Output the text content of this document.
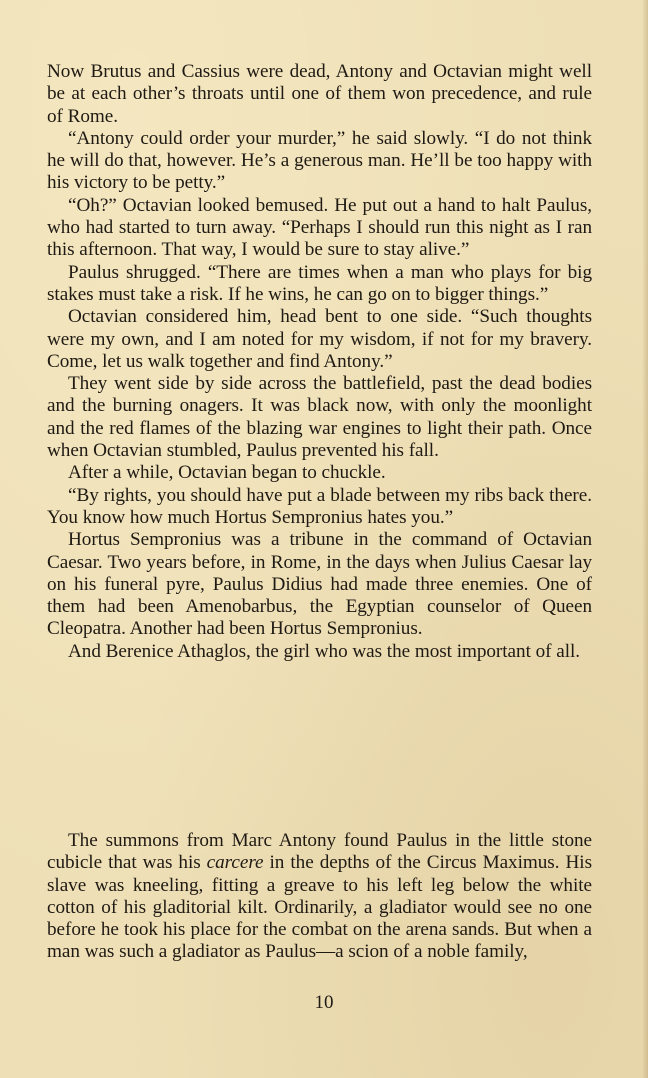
Now Brutus and Cassius were dead, Antony and Octavian might well be at each other’s throats until one of them won precedence, and rule of Rome.

“Antony could order your murder,” he said slowly. “I do not think he will do that, however. He’s a generous man. He’ll be too happy with his victory to be petty.”

“Oh?” Octavian looked bemused. He put out a hand to halt Paulus, who had started to turn away. “Perhaps I should run this night as I ran this afternoon. That way, I would be sure to stay alive.”

Paulus shrugged. “There are times when a man who plays for big stakes must take a risk. If he wins, he can go on to bigger things.”

Octavian considered him, head bent to one side. “Such thoughts were my own, and I am noted for my wisdom, if not for my bravery. Come, let us walk together and find Antony.”

They went side by side across the battlefield, past the dead bodies and the burning onagers. It was black now, with only the moonlight and the red flames of the blazing war engines to light their path. Once when Octavian stumbled, Paulus prevented his fall.

After a while, Octavian began to chuckle.

“By rights, you should have put a blade between my ribs back there. You know how much Hortus Sempronius hates you.”

Hortus Sempronius was a tribune in the command of Octavian Caesar. Two years before, in Rome, in the days when Julius Caesar lay on his funeral pyre, Paulus Didius had made three enemies. One of them had been Amenobarbus, the Egyptian counselor of Queen Cleopatra. Another had been Hortus Sempronius.

And Berenice Athaglos, the girl who was the most important of all.

The summons from Marc Antony found Paulus in the little stone cubicle that was his carcere in the depths of the Circus Maximus. His slave was kneeling, fitting a greave to his left leg below the white cotton of his gladitorial kilt. Ordinarily, a gladiator would see no one before he took his place for the combat on the arena sands. But when a man was such a gladiator as Paulus—a scion of a noble family,

10
